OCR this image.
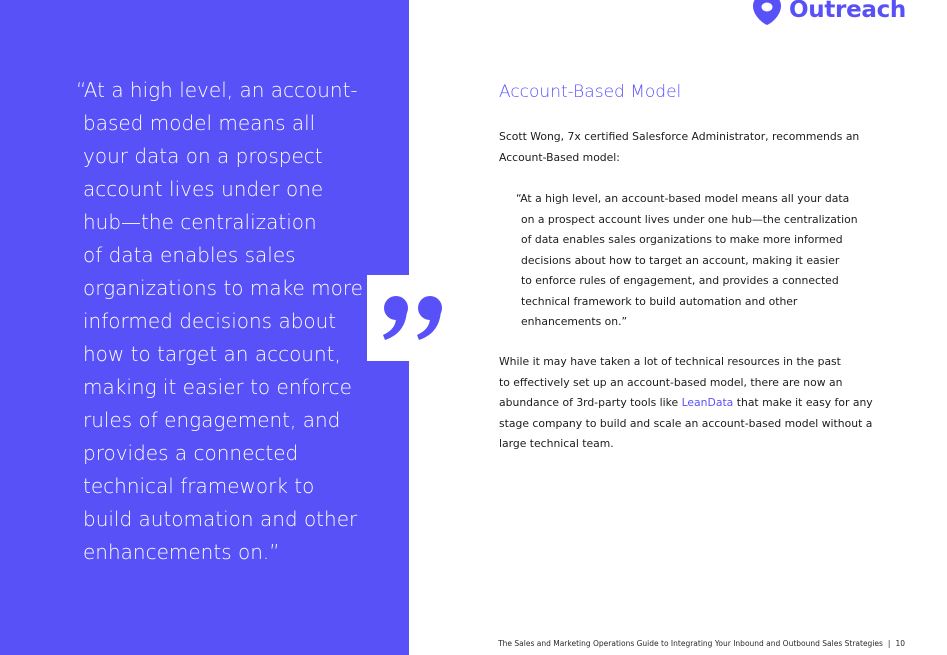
“At a high level, an account-
based model means all
your data on a prospect
account lives under one
hub—the centralization
of data enables sales
organizations to make more
informed decisions about
how to target an account,
making it easier to enforce
rules of engagement, and
provides a connected
technical framework to
build automation and other
enhancements on.”
Outreach
Account-Based Model
Scott Wong, 7x certified Salesforce Administrator, recommends an
Account-Based model:
“At a high level, an account-based model means all your data
on a prospect account lives under one hub—the centralization
of data enables sales organizations to make more informed
decisions about how to target an account, making it easier
to enforce rules of engagement, and provides a connected
technical framework to build automation and other
enhancements on.”
While it may have taken a lot of technical resources in the past
to effectively set up an account-based model, there are now an
abundance of 3rd-party tools like LeanData that make it easy for any
stage company to build and scale an account-based model without a
large technical team.
The Sales and Marketing Operations Guide to Integrating Your Inbound and Outbound Sales Strategies | 10
